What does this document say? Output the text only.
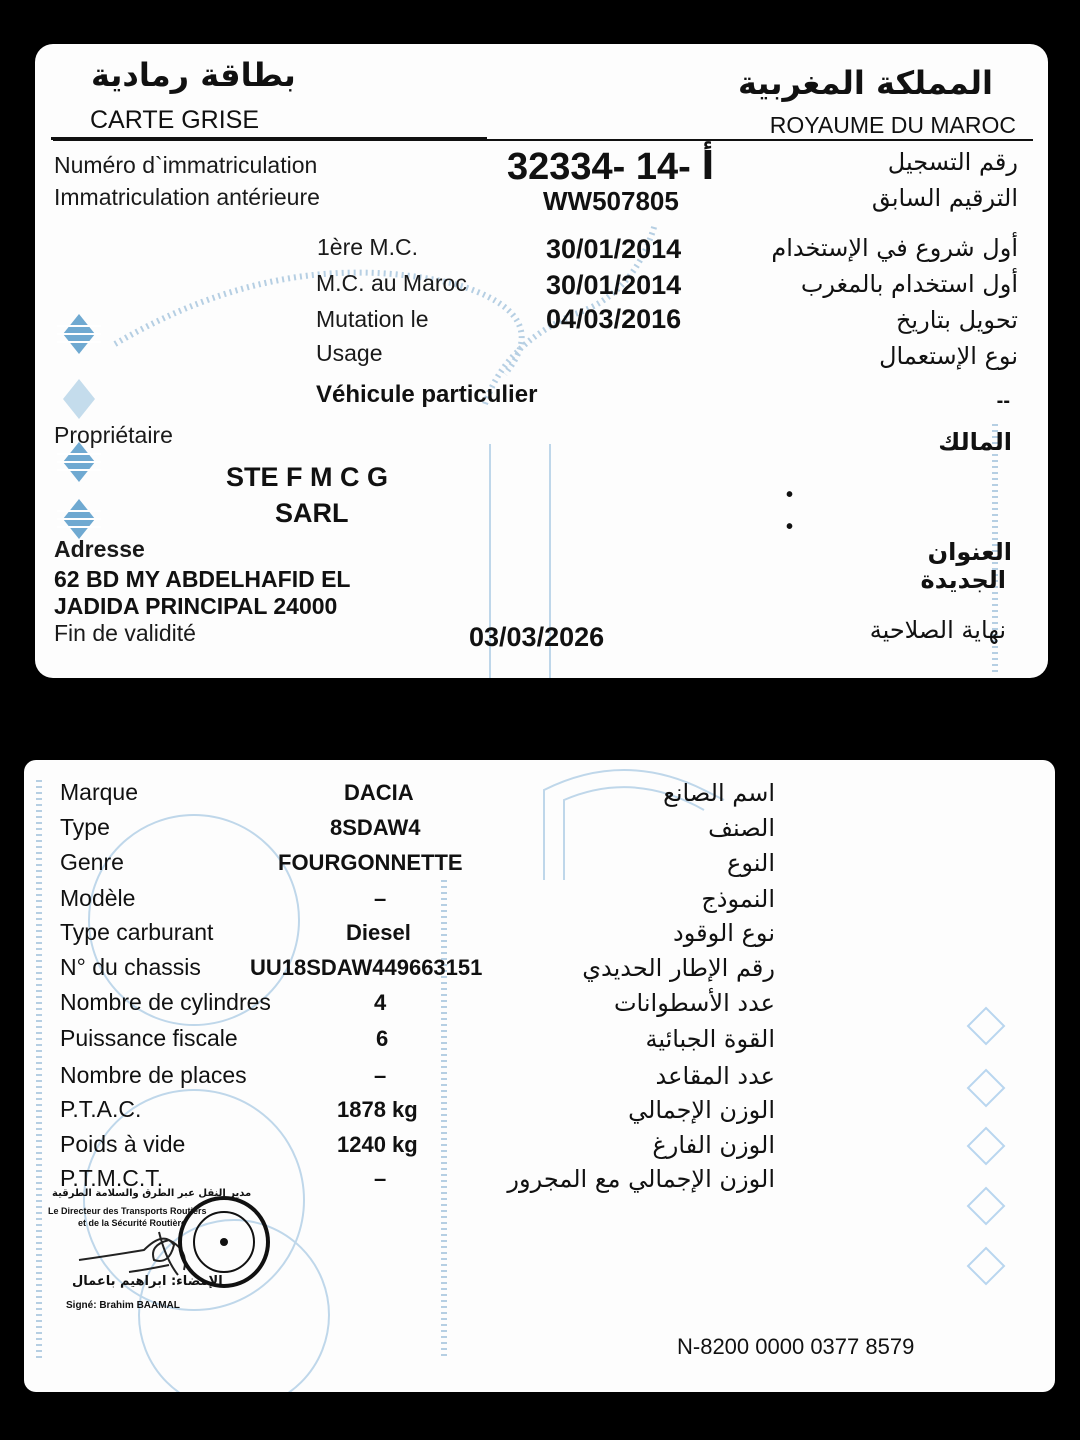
بطاقة رمادية
CARTE GRISE
المملكة المغربية
ROYAUME DU MAROC
Numéro d`immatriculation	32334- أ -14	رقم التسجيل
Immatriculation antérieure	WW507805	الترقيم السابق
1ère M.C.	30/01/2014	أول شروع في الإستخدام
M.C. au Maroc	30/01/2014	أول استخدام بالمغرب
Mutation le	04/03/2016	تحويل بتاريخ
Usage	نوع الإستعمال
Véhicule particulier	--
Propriétaire	المالك
STE F M C G
SARL
•
•
Adresse	العنوان
62 BD MY ABDELHAFID EL	الجديدة
JADIDA PRINCIPAL 24000
Fin de validité	03/03/2026	نهاية الصلاحية
Marque	DACIA	اسم الصانع
Type	8SDAW4	الصنف
Genre	FOURGONNETTE	النوع
Modèle	–	النموذج
Type carburant	Diesel	نوع الوقود
N° du chassis UU18SDAW449663151	رقم الإطار الحديدي
Nombre de cylindres	4	عدد الأسطوانات
Puissance fiscale	6	القوة الجبائية
Nombre de places	–	عدد المقاعد
P.T.A.C.	1878 kg	الوزن الإجمالي
Poids à vide	1240 kg	الوزن الفارغ
P.T.M.C.T.	–	الوزن الإجمالي مع المجرور
مدير النقل عبر الطرق والسلامة الطرقية
Le Directeur des Transports Routiers
et de la Sécurité Routière
الإمضاء: ابراهيم باعمال
Signé: Brahim BAAMAL
N-8200 0000 0377 8579
